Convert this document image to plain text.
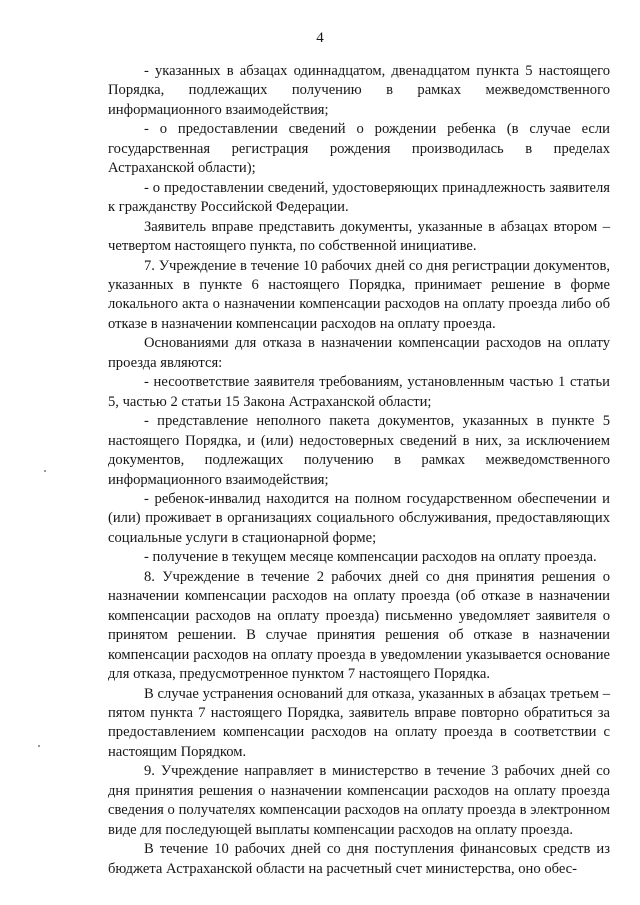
4

- указанных в абзацах одиннадцатом, двенадцатом пункта 5 настоящего Порядка, подлежащих получению в рамках межведомственного информационного взаимодействия;

- о предоставлении сведений о рождении ребенка (в случае если государственная регистрация рождения производилась в пределах Астраханской области);

- о предоставлении сведений, удостоверяющих принадлежность заявителя к гражданству Российской Федерации.

Заявитель вправе представить документы, указанные в абзацах втором – четвертом настоящего пункта, по собственной инициативе.

7. Учреждение в течение 10 рабочих дней со дня регистрации документов, указанных в пункте 6 настоящего Порядка, принимает решение в форме локального акта о назначении компенсации расходов на оплату проезда либо об отказе в назначении компенсации расходов на оплату проезда.

Основаниями для отказа в назначении компенсации расходов на оплату проезда являются:

- несоответствие заявителя требованиям, установленным частью 1 статьи 5, частью 2 статьи 15 Закона Астраханской области;

- представление неполного пакета документов, указанных в пункте 5 настоящего Порядка, и (или) недостоверных сведений в них, за исключением документов, подлежащих получению в рамках межведомственного информационного взаимодействия;

- ребенок-инвалид находится на полном государственном обеспечении и (или) проживает в организациях социального обслуживания, предоставляющих социальные услуги в стационарной форме;

- получение в текущем месяце компенсации расходов на оплату проезда.

8. Учреждение в течение 2 рабочих дней со дня принятия решения о назначении компенсации расходов на оплату проезда (об отказе в назначении компенсации расходов на оплату проезда) письменно уведомляет заявителя о принятом решении. В случае принятия решения об отказе в назначении компенсации расходов на оплату проезда в уведомлении указывается основание для отказа, предусмотренное пунктом 7 настоящего Порядка.

В случае устранения оснований для отказа, указанных в абзацах третьем – пятом пункта 7 настоящего Порядка, заявитель вправе повторно обратиться за предоставлением компенсации расходов на оплату проезда в соответствии с настоящим Порядком.

9. Учреждение направляет в министерство в течение 3 рабочих дней со дня принятия решения о назначении компенсации расходов на оплату проезда сведения о получателях компенсации расходов на оплату проезда в электронном виде для последующей выплаты компенсации расходов на оплату проезда.

В течение 10 рабочих дней со дня поступления финансовых средств из бюджета Астраханской области на расчетный счет министерства, оно обес-
